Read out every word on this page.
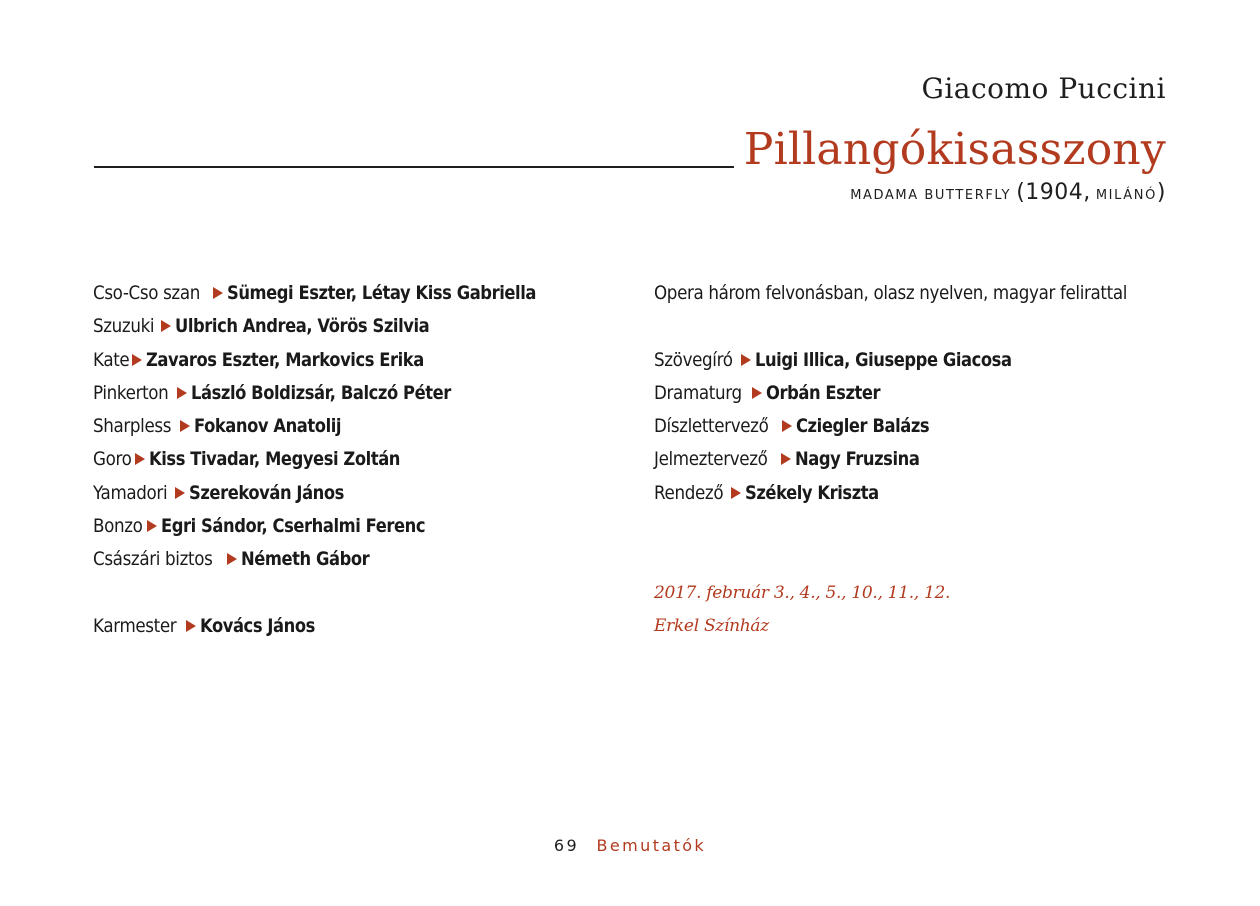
Giacomo Puccini
Pillangókisasszony
MADAMA BUTTERFLY (1904, MILÁNÓ)
Cso-Cso szan Sümegi Eszter, Létay Kiss Gabriella
Szuzuki Ulbrich Andrea, Vörös Szilvia
Kate Zavaros Eszter, Markovics Erika
Pinkerton László Boldizsár, Balczó Péter
Sharpless Fokanov Anatolij
Goro Kiss Tivadar, Megyesi Zoltán
Yamadori Szerekován János
Bonzo Egri Sándor, Cserhalmi Ferenc
Császári biztos Németh Gábor
Karmester Kovács János
Opera három felvonásban, olasz nyelven, magyar felirattal
Szövegíró Luigi Illica, Giuseppe Giacosa
Dramaturg Orbán Eszter
Díszlettervező Cziegler Balázs
Jelmeztervező Nagy Fruzsina
Rendező Székely Kriszta
2017. február 3., 4., 5., 10., 11., 12.
Erkel Színház
69 Bemutatók
